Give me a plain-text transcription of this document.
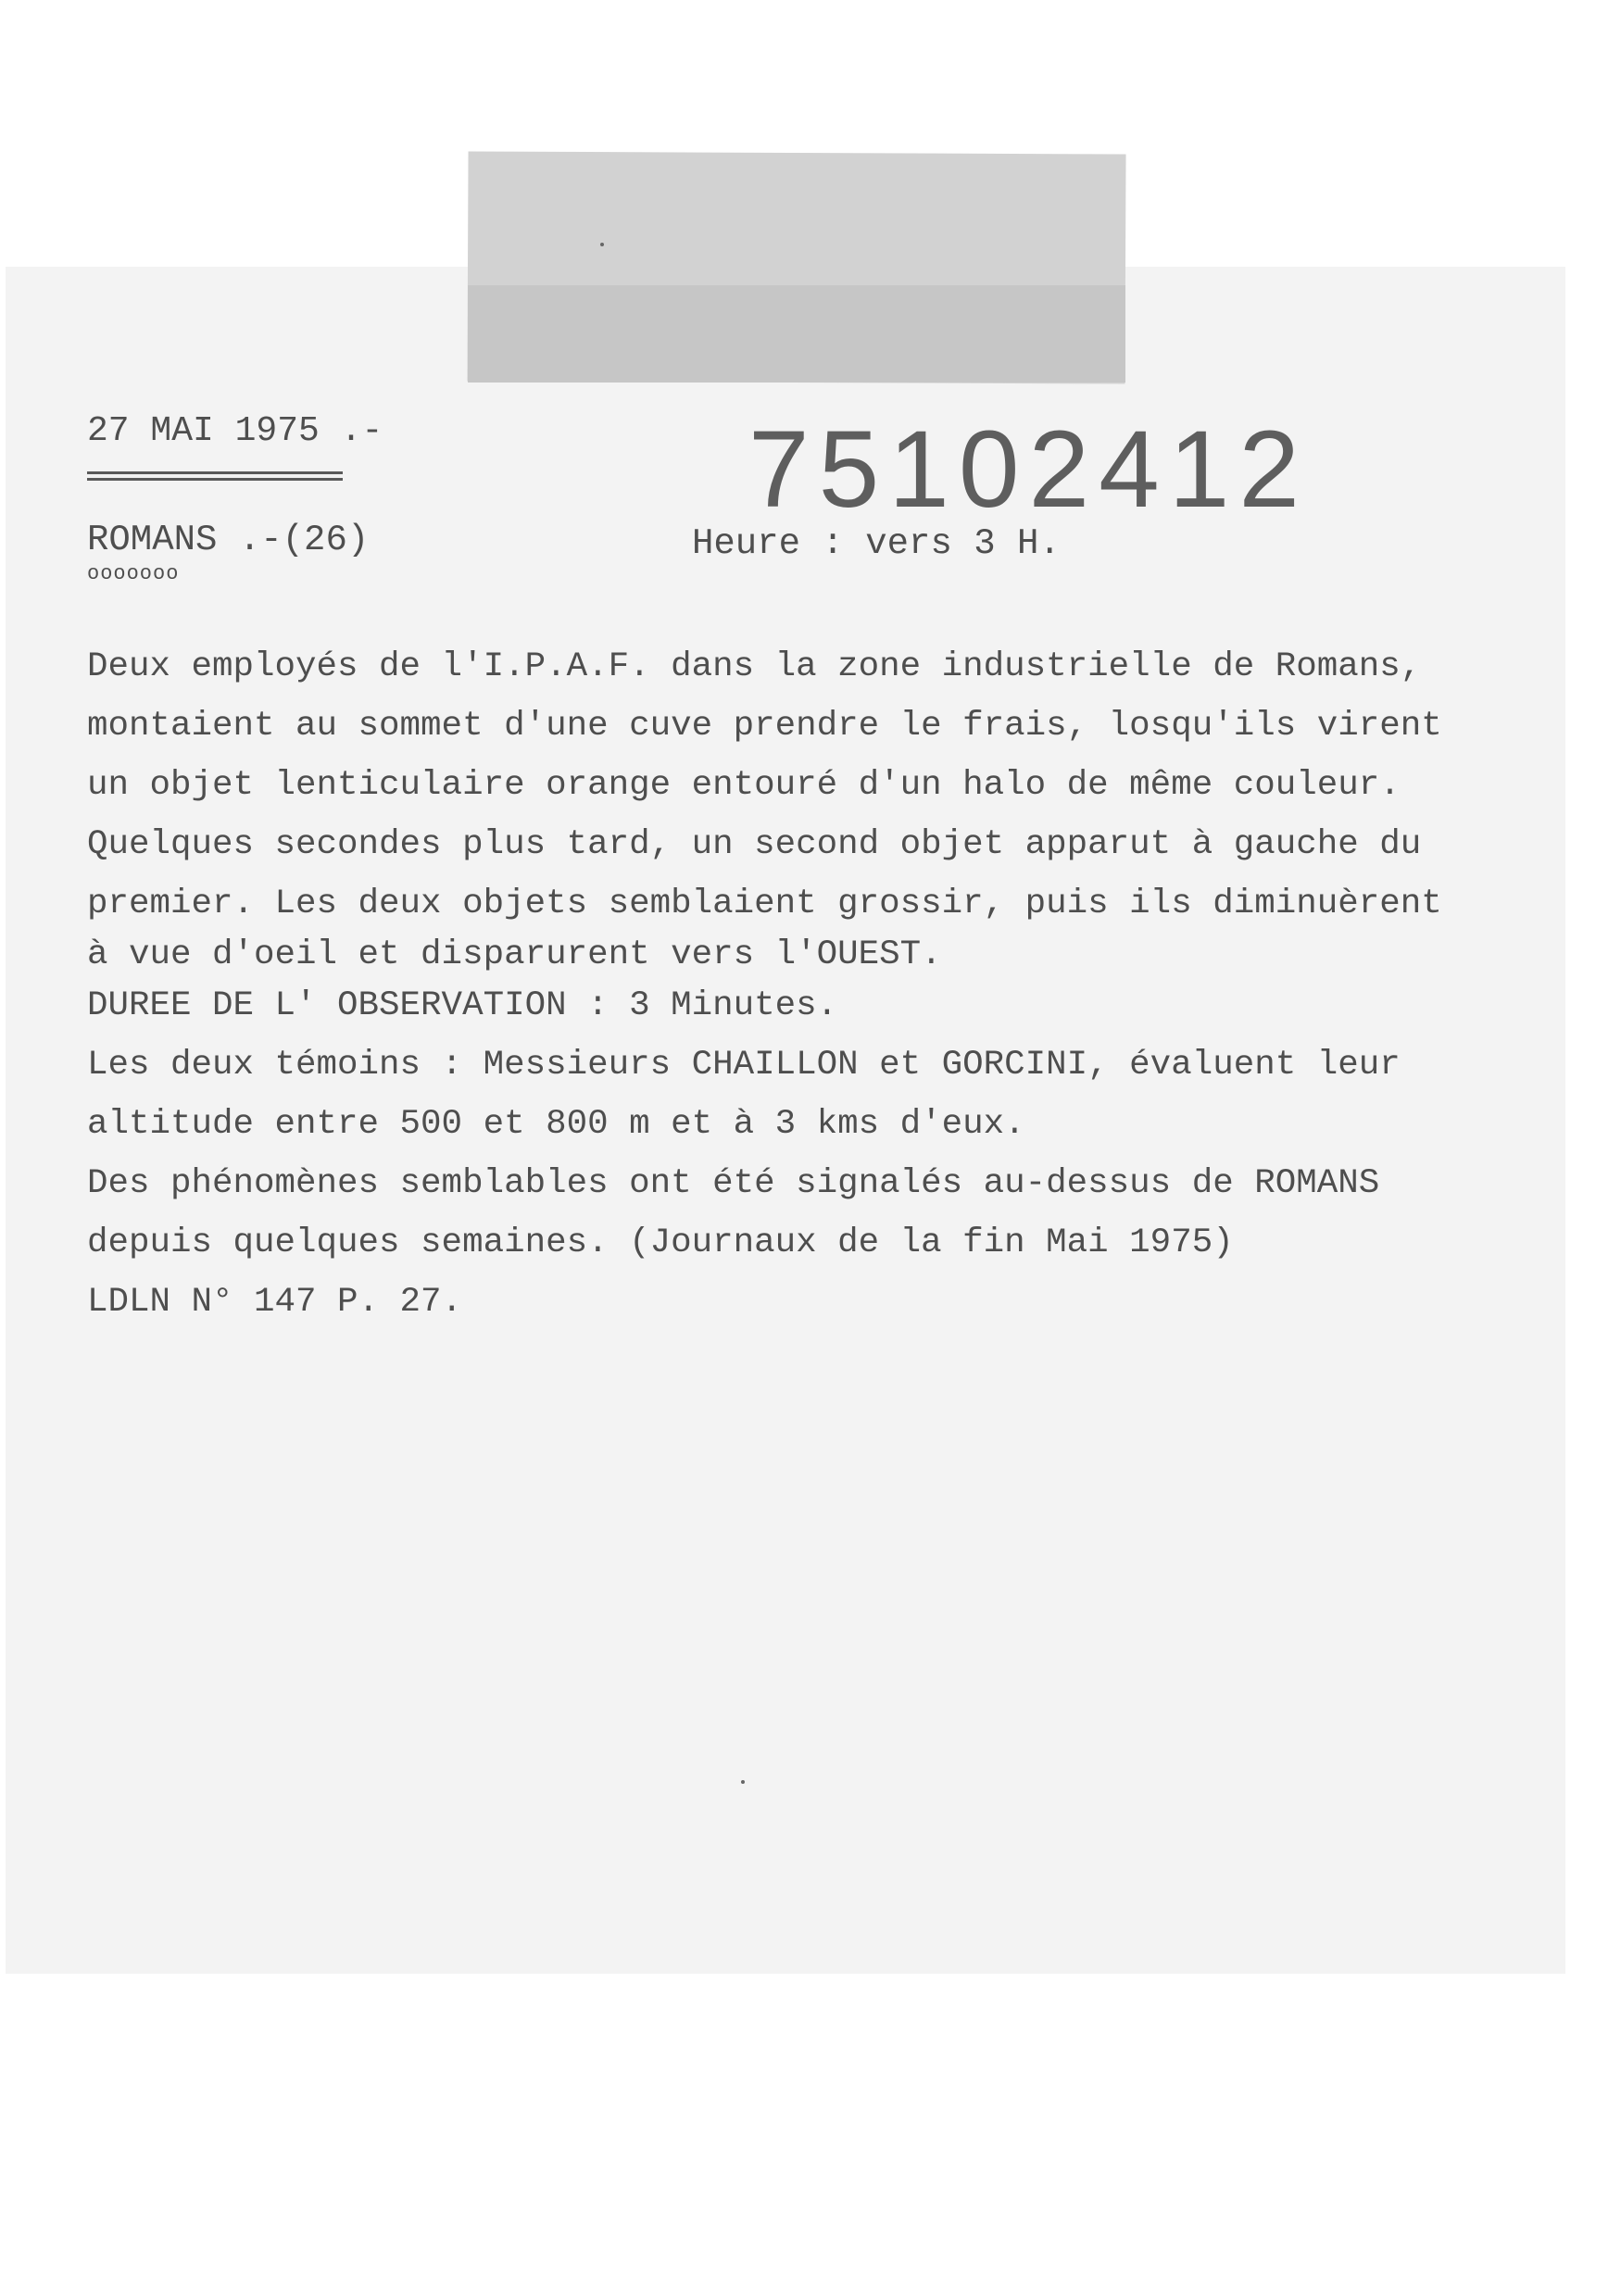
27 MAI 1975 .-	75102412
ROMANS .-(26)
ooooooo
Heure : vers 3 H.
Deux employés de l'I.P.A.F. dans la zone industrielle de Romans,
montaient au sommet d'une cuve prendre le frais, losqu'ils virent
un objet lenticulaire orange entouré d'un halo de même couleur.
Quelques secondes plus tard, un second objet apparut à gauche du
premier. Les deux objets semblaient grossir, puis ils diminuèrent
à vue d'oeil et disparurent vers l'OUEST.
DUREE DE L' OBSERVATION : 3 Minutes.
Les deux témoins : Messieurs CHAILLON et GORCINI, évaluent leur
altitude entre 500 et 800 m et à 3 kms d'eux.
Des phénomènes semblables ont été signalés au-dessus de ROMANS
depuis quelques semaines. (Journaux de la fin Mai 1975)
LDLN N° 147 P. 27.
